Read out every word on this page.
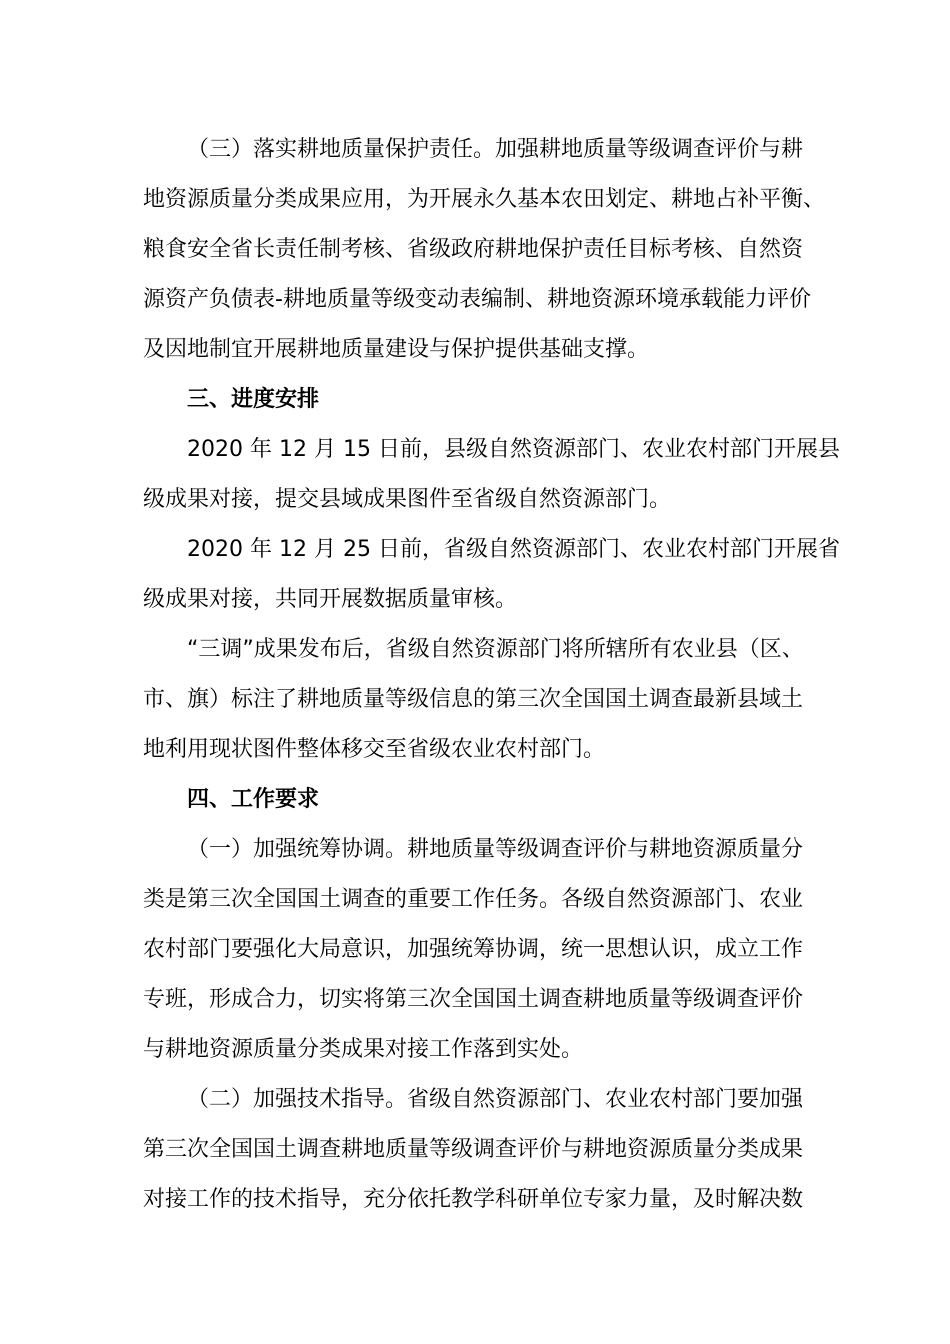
（三）落实耕地质量保护责任。加强耕地质量等级调查评价与耕
地资源质量分类成果应用，为开展永久基本农田划定、耕地占补平衡、
粮食安全省长责任制考核、省级政府耕地保护责任目标考核、自然资
源资产负债表-耕地质量等级变动表编制、耕地资源环境承载能力评价
及因地制宜开展耕地质量建设与保护提供基础支撑。
三、进度安排
2020 年 12 月 15 日前，县级自然资源部门、农业农村部门开展县
级成果对接，提交县域成果图件至省级自然资源部门。
2020 年 12 月 25 日前，省级自然资源部门、农业农村部门开展省
级成果对接，共同开展数据质量审核。
“三调”成果发布后，省级自然资源部门将所辖所有农业县（区、
市、旗）标注了耕地质量等级信息的第三次全国国土调查最新县域土
地利用现状图件整体移交至省级农业农村部门。
四、工作要求
（一）加强统筹协调。耕地质量等级调查评价与耕地资源质量分
类是第三次全国国土调查的重要工作任务。各级自然资源部门、农业
农村部门要强化大局意识，加强统筹协调，统一思想认识，成立工作
专班，形成合力，切实将第三次全国国土调查耕地质量等级调查评价
与耕地资源质量分类成果对接工作落到实处。
（二）加强技术指导。省级自然资源部门、农业农村部门要加强
第三次全国国土调查耕地质量等级调查评价与耕地资源质量分类成果
对接工作的技术指导，充分依托教学科研单位专家力量，及时解决数
